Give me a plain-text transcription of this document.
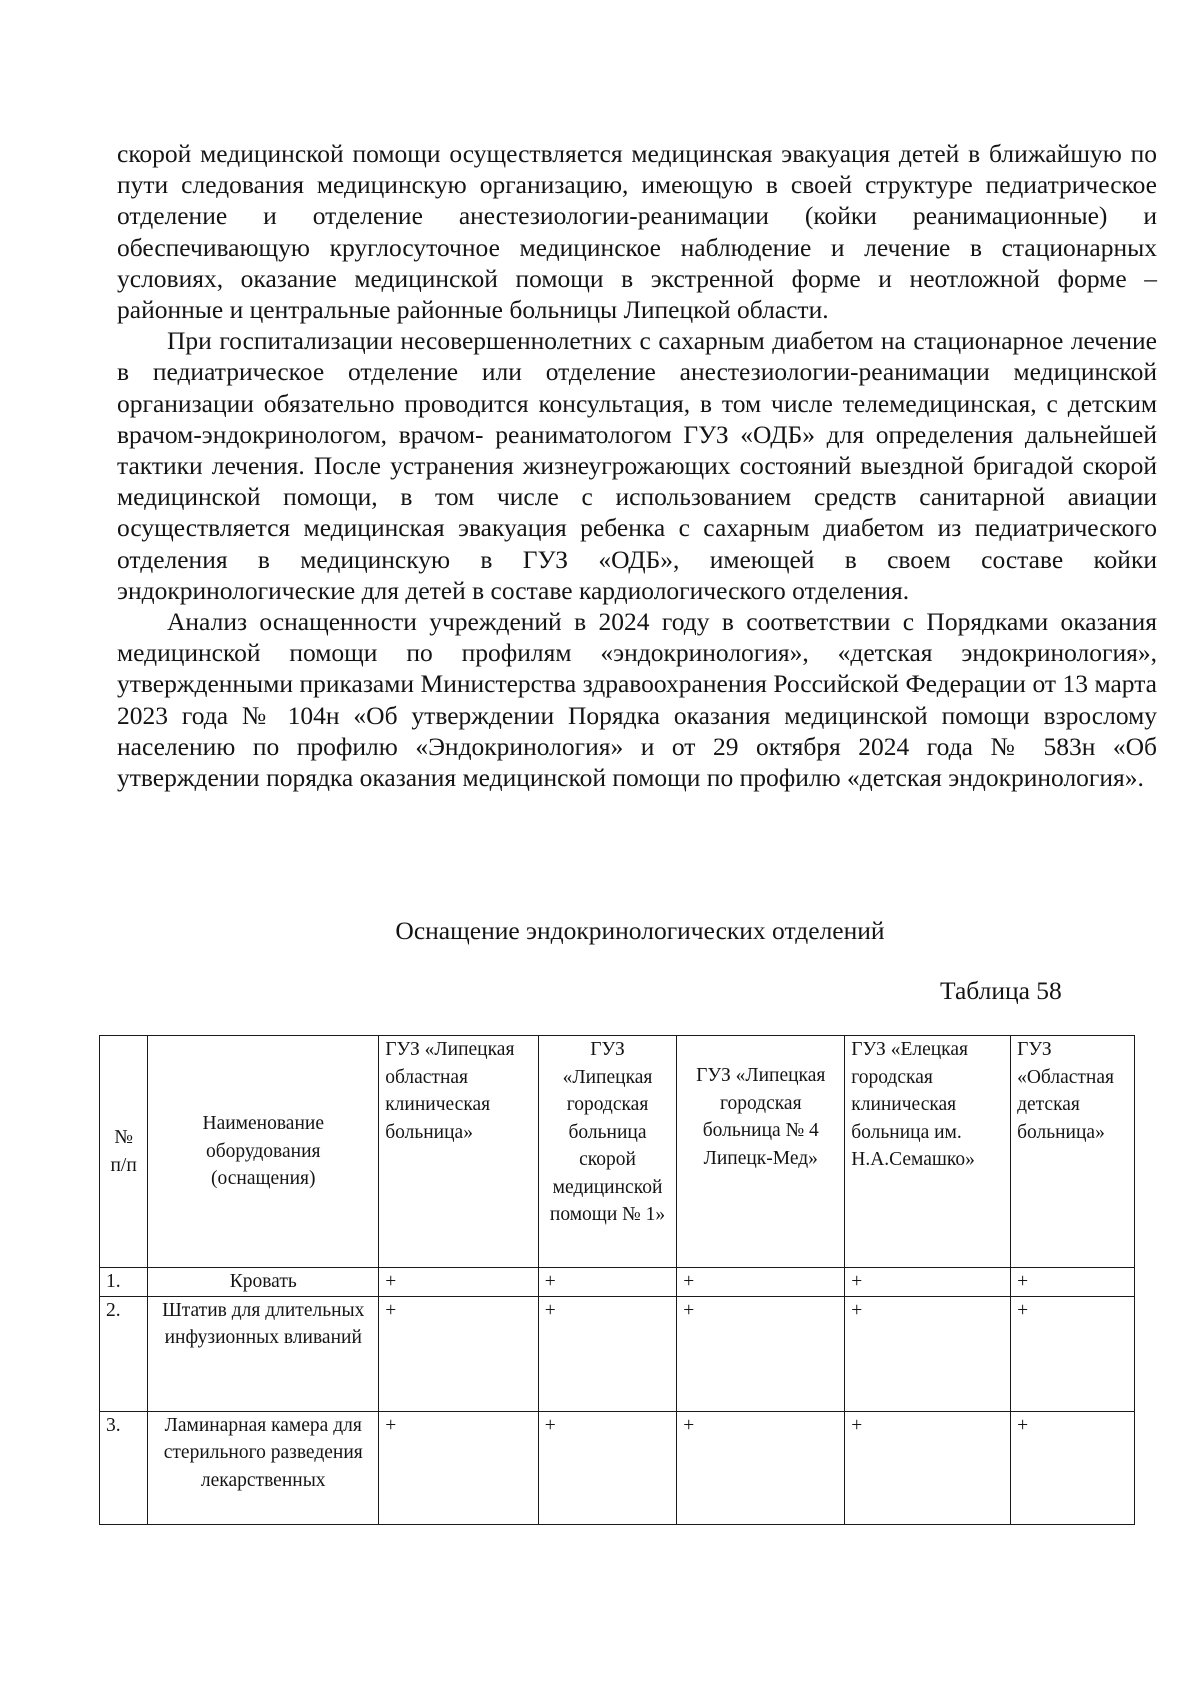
скорой медицинской помощи осуществляется медицинская эвакуация детей в ближайшую по пути следования медицинскую организацию, имеющую в своей структуре педиатрическое отделение и отделение анестезиологии-реанимации (койки реанимационные) и обеспечивающую круглосуточное медицинское наблюдение и лечение в стационарных условиях, оказание медицинской помощи в экстренной форме и неотложной форме – районные и центральные районные больницы Липецкой области.

При госпитализации несовершеннолетних с сахарным диабетом на стационарное лечение в педиатрическое отделение или отделение анестезиологии-реанимации медицинской организации обязательно проводится консультация, в том числе телемедицинская, с детским врачом-эндокринологом, врачом- реаниматологом ГУЗ «ОДБ» для определения дальнейшей тактики лечения. После устранения жизнеугрожающих состояний выездной бригадой скорой медицинской помощи, в том числе с использованием средств санитарной авиации осуществляется медицинская эвакуация ребенка с сахарным диабетом из педиатрического отделения в медицинскую в ГУЗ «ОДБ», имеющей в своем составе койки эндокринологические для детей в составе кардиологического отделения.

Анализ оснащенности учреждений в 2024 году в соответствии с Порядками оказания медицинской помощи по профилям «эндокринология», «детская эндокринология», утвержденными приказами Министерства здравоохранения Российской Федерации от 13 марта 2023 года № 104н «Об утверждении Порядка оказания медицинской помощи взрослому населению по профилю «Эндокринология» и от 29 октября 2024 года № 583н «Об утверждении порядка оказания медицинской помощи по профилю «детская эндокринология».

Оснащение эндокринологических отделений
Таблица 58
№ п/п	Наименование оборудования (оснащения)	ГУЗ «Липецкая областная клиническая больница»	ГУЗ «Липецкая городская больница скорой медицинской помощи № 1»	ГУЗ «Липецкая городская больница № 4 Липецк-Мед»	ГУЗ «Елецкая городская клиническая больница им. Н.А.Семашко»	ГУЗ «Областная детская больница»
1.	Кровать	+	+	+	+	+
2.	Штатив для длительных инфузионных вливаний	+	+	+	+	+
3.	Ламинарная камера для стерильного разведения лекарственных	+	+	+	+	+
